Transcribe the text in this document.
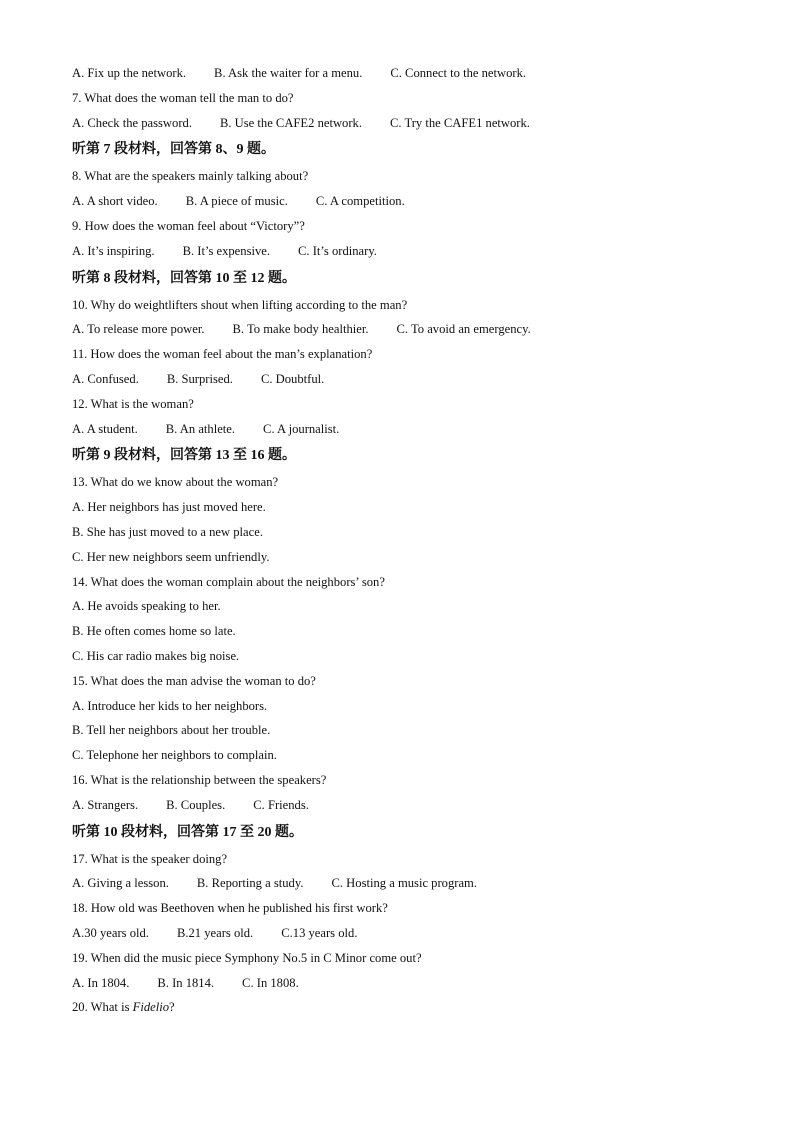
A. Fix up the network. B. Ask the waiter for a menu. C. Connect to the network.
7. What does the woman tell the man to do?
A. Check the password. B. Use the CAFE2 network. C. Try the CAFE1 network.
听第 7 段材料，回答第 8、9 题。
8. What are the speakers mainly talking about?
A. A short video. B. A piece of music. C. A competition.
9. How does the woman feel about “Victory”?
A. It’s inspiring. B. It’s expensive. C. It’s ordinary.
听第 8 段材料，回答第 10 至 12 题。
10. Why do weightlifters shout when lifting according to the man?
A. To release more power. B. To make body healthier. C. To avoid an emergency.
11. How does the woman feel about the man’s explanation?
A. Confused. B. Surprised. C. Doubtful.
12. What is the woman?
A. A student. B. An athlete. C. A journalist.
听第 9 段材料，回答第 13 至 16 题。
13. What do we know about the woman?
A. Her neighbors has just moved here.
B. She has just moved to a new place.
C. Her new neighbors seem unfriendly.
14. What does the woman complain about the neighbors’ son?
A. He avoids speaking to her.
B. He often comes home so late.
C. His car radio makes big noise.
15. What does the man advise the woman to do?
A. Introduce her kids to her neighbors.
B. Tell her neighbors about her trouble.
C. Telephone her neighbors to complain.
16. What is the relationship between the speakers?
A. Strangers. B. Couples. C. Friends.
听第 10 段材料，回答第 17 至 20 题。
17. What is the speaker doing?
A. Giving a lesson. B. Reporting a study. C. Hosting a music program.
18. How old was Beethoven when he published his first work?
A.30 years old. B.21 years old. C.13 years old.
19. When did the music piece Symphony No.5 in C Minor come out?
A. In 1804. B. In 1814. C. In 1808.
20. What is Fidelio?
